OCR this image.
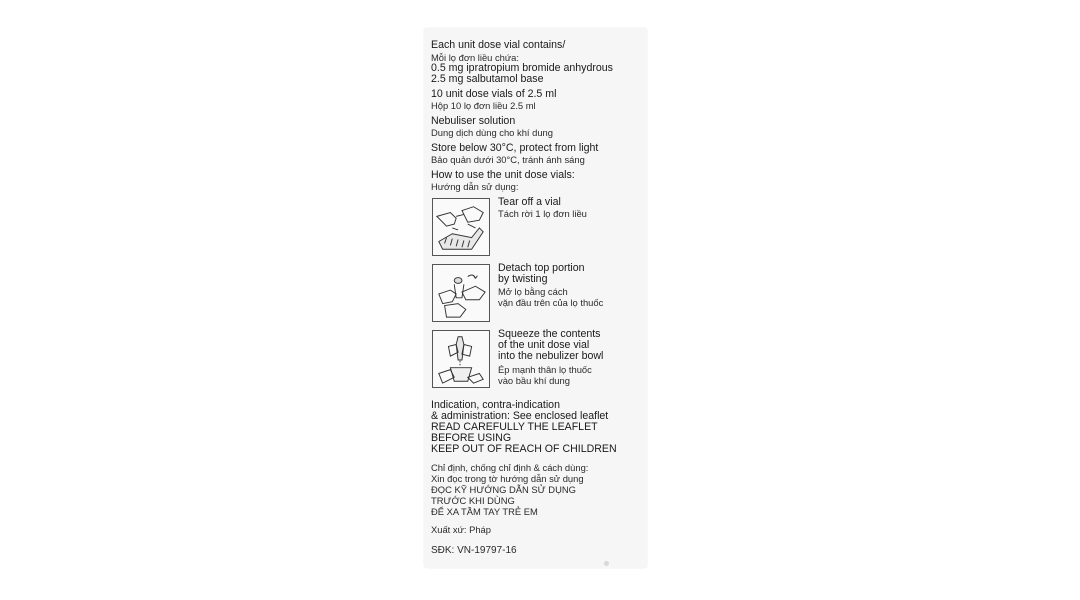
Each unit dose vial contains/
Mỗi lọ đơn liều chứa:
0.5 mg ipratropium bromide anhydrous
2.5 mg salbutamol base
10 unit dose vials of 2.5 ml
Hộp 10 lọ đơn liều 2.5 ml
Nebuliser solution
Dung dịch dùng cho khí dung
Store below 30°C, protect from light
Bảo quản dưới 30°C, tránh ánh sáng
How to use the unit dose vials:
Hướng dẫn sử dụng:
Tear off a vial
Tách rời 1 lọ đơn liều
Detach top portion
by twisting
Mở lọ bằng cách
vặn đầu trên của lọ thuốc
Squeeze the contents
of the unit dose vial
into the nebulizer bowl
Ép mạnh thân lọ thuốc
vào bầu khí dung
Indication, contra-indication
& administration: See enclosed leaflet
READ CAREFULLY THE LEAFLET
BEFORE USING
KEEP OUT OF REACH OF CHILDREN
Chỉ định, chống chỉ định & cách dùng:
Xin đọc trong tờ hướng dẫn sử dụng
ĐỌC KỸ HƯỚNG DẪN SỬ DỤNG
TRƯỚC KHI DÙNG
ĐỂ XA TẦM TAY TRẺ EM
Xuất xứ: Pháp
SĐK: VN-19797-16
